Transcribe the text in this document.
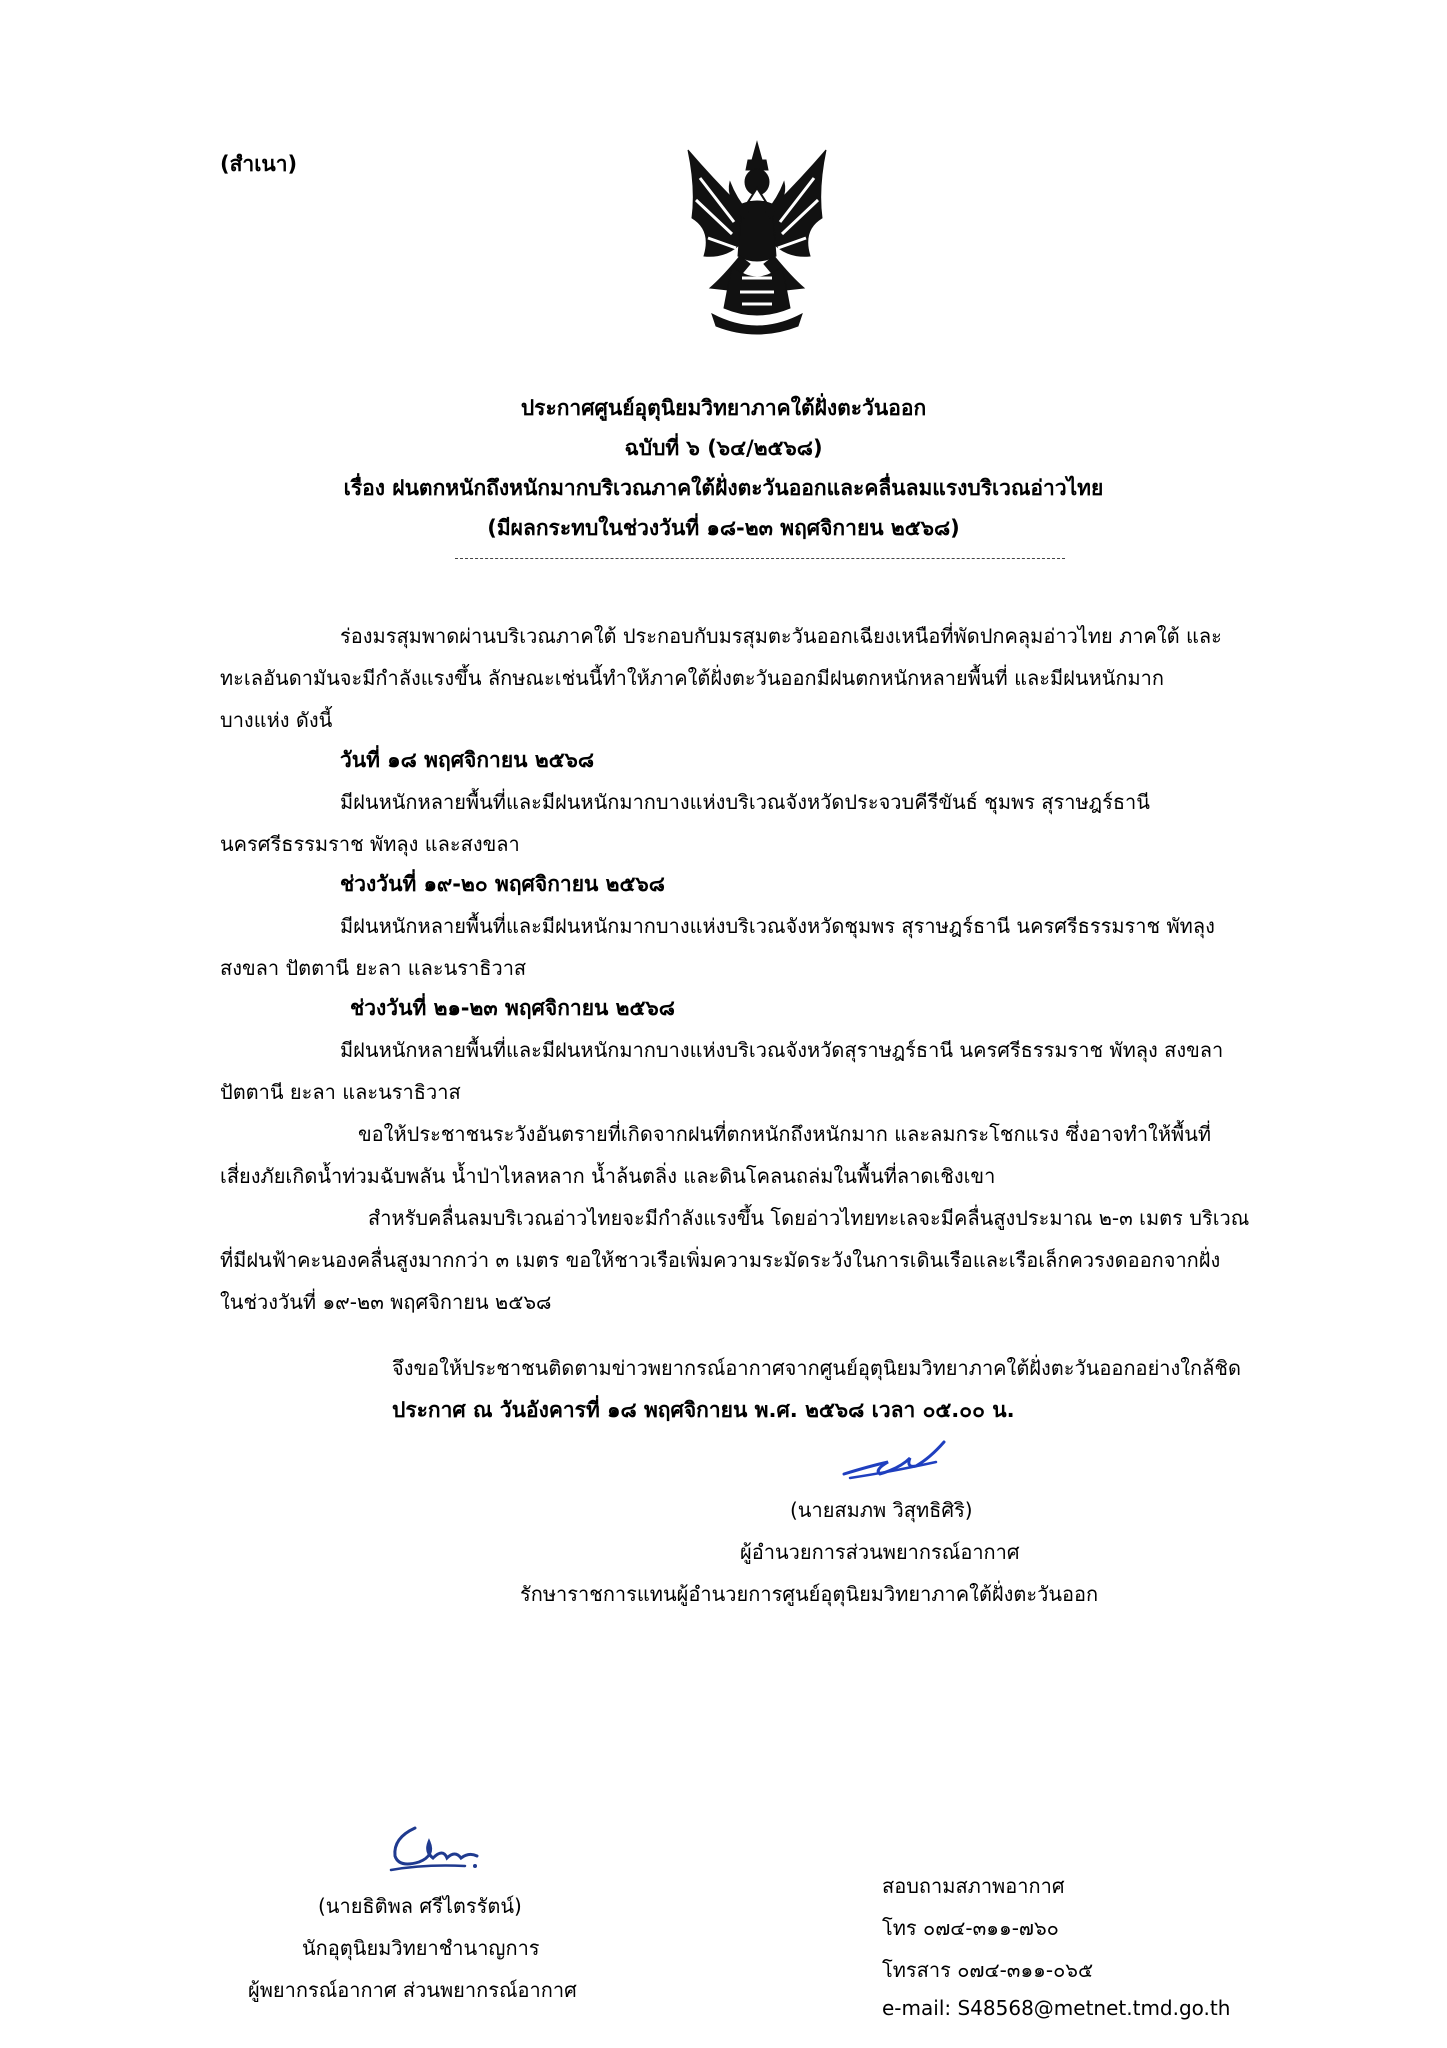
(สำเนา)
ประกาศศูนย์อุตุนิยมวิทยาภาคใต้ฝั่งตะวันออก
ฉบับที่ ๖ (๖๔/๒๕๖๘)
เรื่อง ฝนตกหนักถึงหนักมากบริเวณภาคใต้ฝั่งตะวันออกและคลื่นลมแรงบริเวณอ่าวไทย
(มีผลกระทบในช่วงวันที่ ๑๘-๒๓ พฤศจิกายน ๒๕๖๘)
ร่องมรสุมพาดผ่านบริเวณภาคใต้ ประกอบกับมรสุมตะวันออกเฉียงเหนือที่พัดปกคลุมอ่าวไทย ภาคใต้ และ
ทะเลอันดามันจะมีกำลังแรงขึ้น ลักษณะเช่นนี้ทำให้ภาคใต้ฝั่งตะวันออกมีฝนตกหนักหลายพื้นที่ และมีฝนหนักมาก
บางแห่ง ดังนี้
วันที่ ๑๘ พฤศจิกายน ๒๕๖๘
มีฝนหนักหลายพื้นที่และมีฝนหนักมากบางแห่งบริเวณจังหวัดประจวบคีรีขันธ์ ชุมพร สุราษฎร์ธานี
นครศรีธรรมราช พัทลุง และสงขลา
ช่วงวันที่ ๑๙-๒๐ พฤศจิกายน ๒๕๖๘
มีฝนหนักหลายพื้นที่และมีฝนหนักมากบางแห่งบริเวณจังหวัดชุมพร สุราษฎร์ธานี นครศรีธรรมราช พัทลุง
สงขลา ปัตตานี ยะลา และนราธิวาส
ช่วงวันที่ ๒๑-๒๓ พฤศจิกายน ๒๕๖๘
มีฝนหนักหลายพื้นที่และมีฝนหนักมากบางแห่งบริเวณจังหวัดสุราษฎร์ธานี นครศรีธรรมราช พัทลุง สงขลา
ปัตตานี ยะลา และนราธิวาส
ขอให้ประชาชนระวังอันตรายที่เกิดจากฝนที่ตกหนักถึงหนักมาก และลมกระโชกแรง ซึ่งอาจทำให้พื้นที่
เสี่ยงภัยเกิดน้ำท่วมฉับพลัน น้ำป่าไหลหลาก น้ำล้นตลิ่ง และดินโคลนถล่มในพื้นที่ลาดเชิงเขา
สำหรับคลื่นลมบริเวณอ่าวไทยจะมีกำลังแรงขึ้น โดยอ่าวไทยทะเลจะมีคลื่นสูงประมาณ ๒-๓ เมตร บริเวณ
ที่มีฝนฟ้าคะนองคลื่นสูงมากกว่า ๓ เมตร ขอให้ชาวเรือเพิ่มความระมัดระวังในการเดินเรือและเรือเล็กควรงดออกจากฝั่ง
ในช่วงวันที่ ๑๙-๒๓ พฤศจิกายน ๒๕๖๘
จึงขอให้ประชาชนติดตามข่าวพยากรณ์อากาศจากศูนย์อุตุนิยมวิทยาภาคใต้ฝั่งตะวันออกอย่างใกล้ชิด
ประกาศ ณ วันอังคารที่ ๑๘ พฤศจิกายน พ.ศ. ๒๕๖๘ เวลา ๐๕.๐๐ น.
(นายสมภพ วิสุทธิศิริ)
ผู้อำนวยการส่วนพยากรณ์อากาศ
รักษาราชการแทนผู้อำนวยการศูนย์อุตุนิยมวิทยาภาคใต้ฝั่งตะวันออก
(นายธิติพล ศรีไตรรัตน์)
นักอุตุนิยมวิทยาชำนาญการ
ผู้พยากรณ์อากาศ ส่วนพยากรณ์อากาศ
สอบถามสภาพอากาศ
โทร ๐๗๔-๓๑๑-๗๖๐
โทรสาร ๐๗๔-๓๑๑-๐๖๕
e-mail: S48568@metnet.tmd.go.th
